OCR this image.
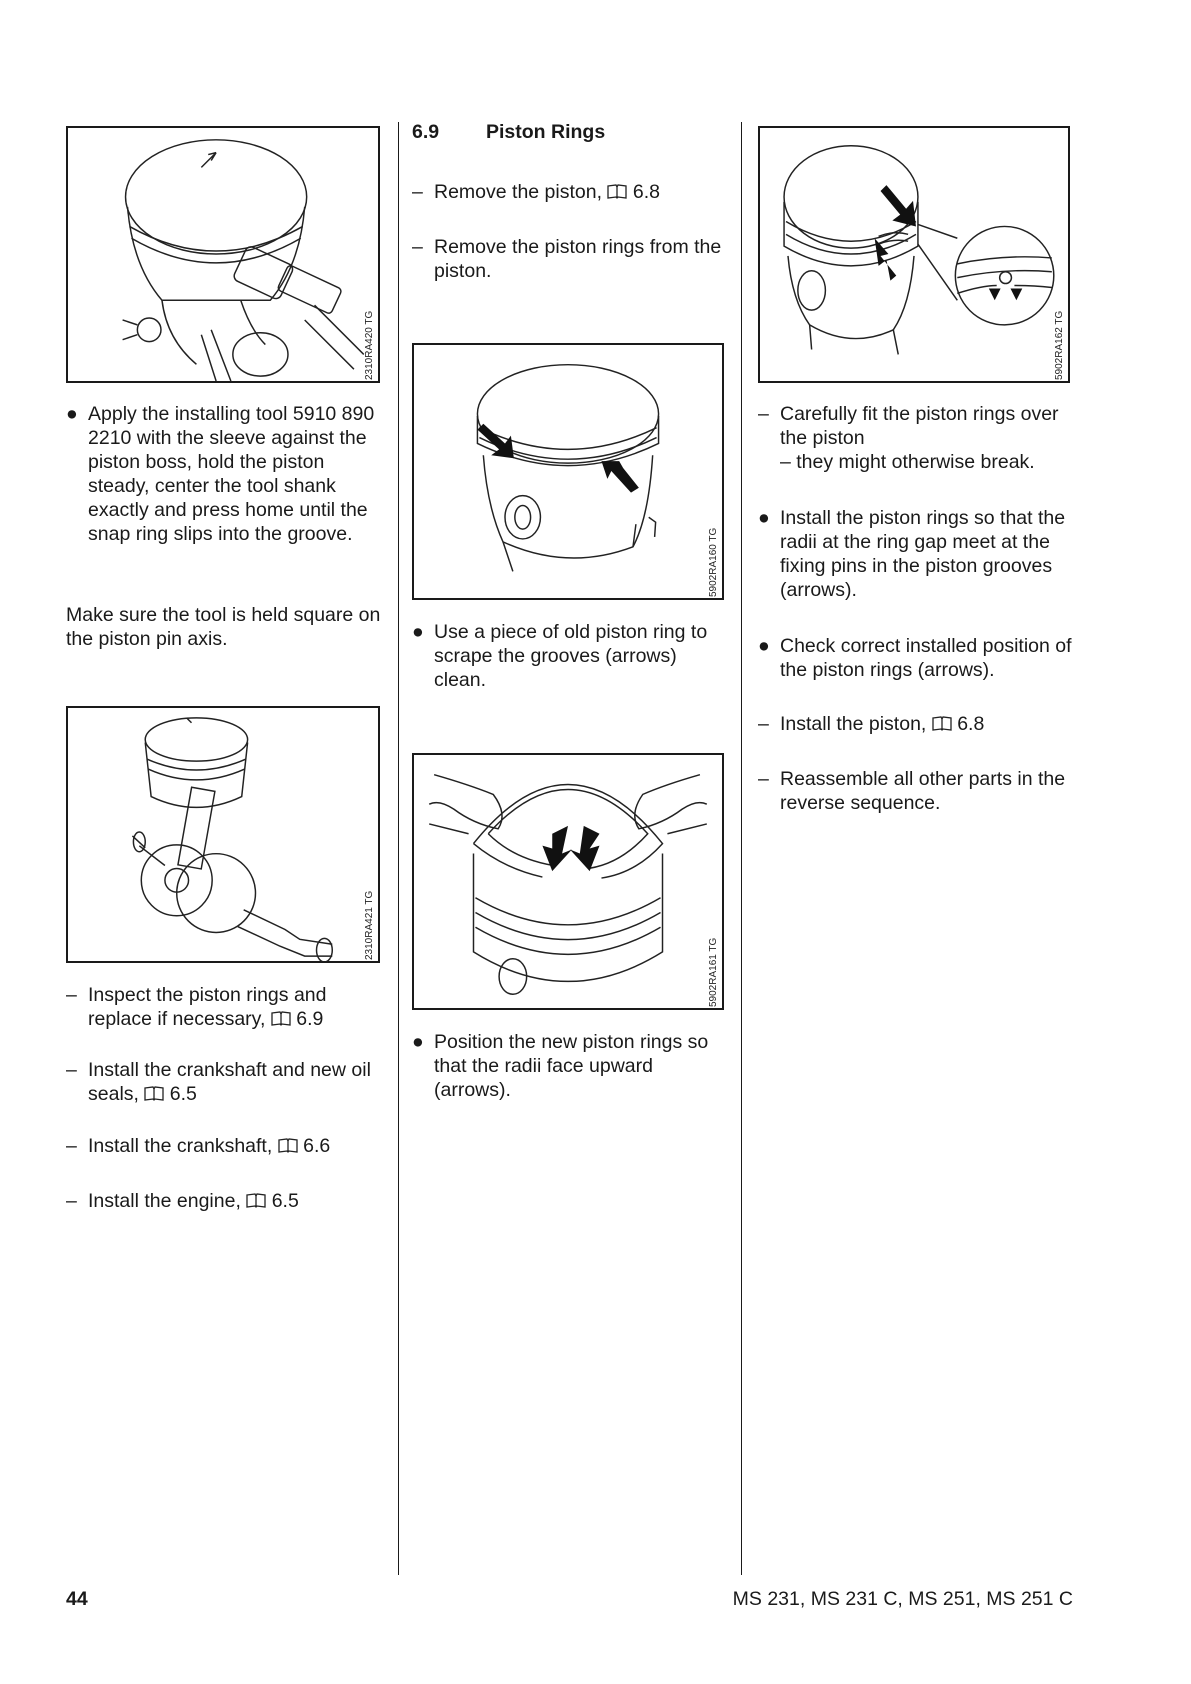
2310RA420 TG
● Apply the installing tool 5910 890 2210 with the sleeve against the piston boss, hold the piston steady, center the tool shank exactly and press home until the snap ring slips into the groove.
Make sure the tool is held square on the piston pin axis.
2310RA421 TG
– Inspect the piston rings and replace if necessary, 6.9
– Install the crankshaft and new oil seals, 6.5
– Install the crankshaft, 6.6
– Install the engine, 6.5
6.9 Piston Rings
– Remove the piston, 6.8
– Remove the piston rings from the piston.
5902RA160 TG
● Use a piece of old piston ring to scrape the grooves (arrows) clean.
5902RA161 TG
● Position the new piston rings so that the radii face upward (arrows).
5902RA162 TG
– Carefully fit the piston rings over the piston
– they might otherwise break.
● Install the piston rings so that the radii at the ring gap meet at the fixing pins in the piston grooves (arrows).
● Check correct installed position of the piston rings (arrows).
– Install the piston, 6.8
– Reassemble all other parts in the reverse sequence.
44	MS 231, MS 231 C, MS 251, MS 251 C
